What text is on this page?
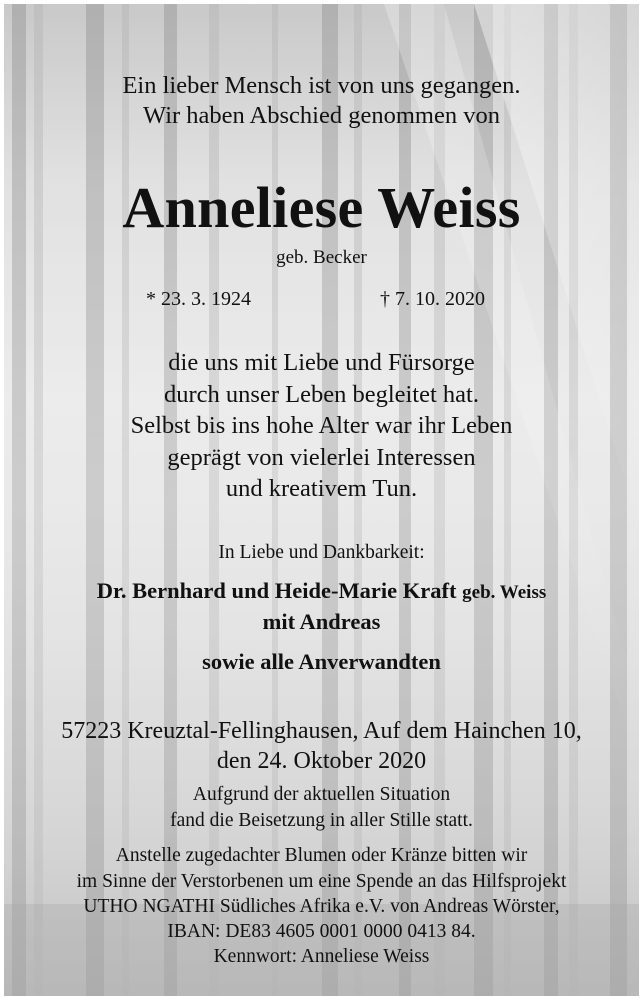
Ein lieber Mensch ist von uns gegangen.
Wir haben Abschied genommen von
Anneliese Weiss
geb. Becker
* 23. 3. 1924	† 7. 10. 2020
die uns mit Liebe und Fürsorge
durch unser Leben begleitet hat.
Selbst bis ins hohe Alter war ihr Leben
geprägt von vielerlei Interessen
und kreativem Tun.
In Liebe und Dankbarkeit:
Dr. Bernhard und Heide-Marie Kraft geb. Weiss
mit Andreas
sowie alle Anverwandten
57223 Kreuztal-Fellinghausen, Auf dem Hainchen 10,
den 24. Oktober 2020
Aufgrund der aktuellen Situation
fand die Beisetzung in aller Stille statt.
Anstelle zugedachter Blumen oder Kränze bitten wir
im Sinne der Verstorbenen um eine Spende an das Hilfsprojekt
UTHO NGATHI Südliches Afrika e.V. von Andreas Wörster,
IBAN: DE83 4605 0001 0000 0413 84.
Kennwort: Anneliese Weiss
